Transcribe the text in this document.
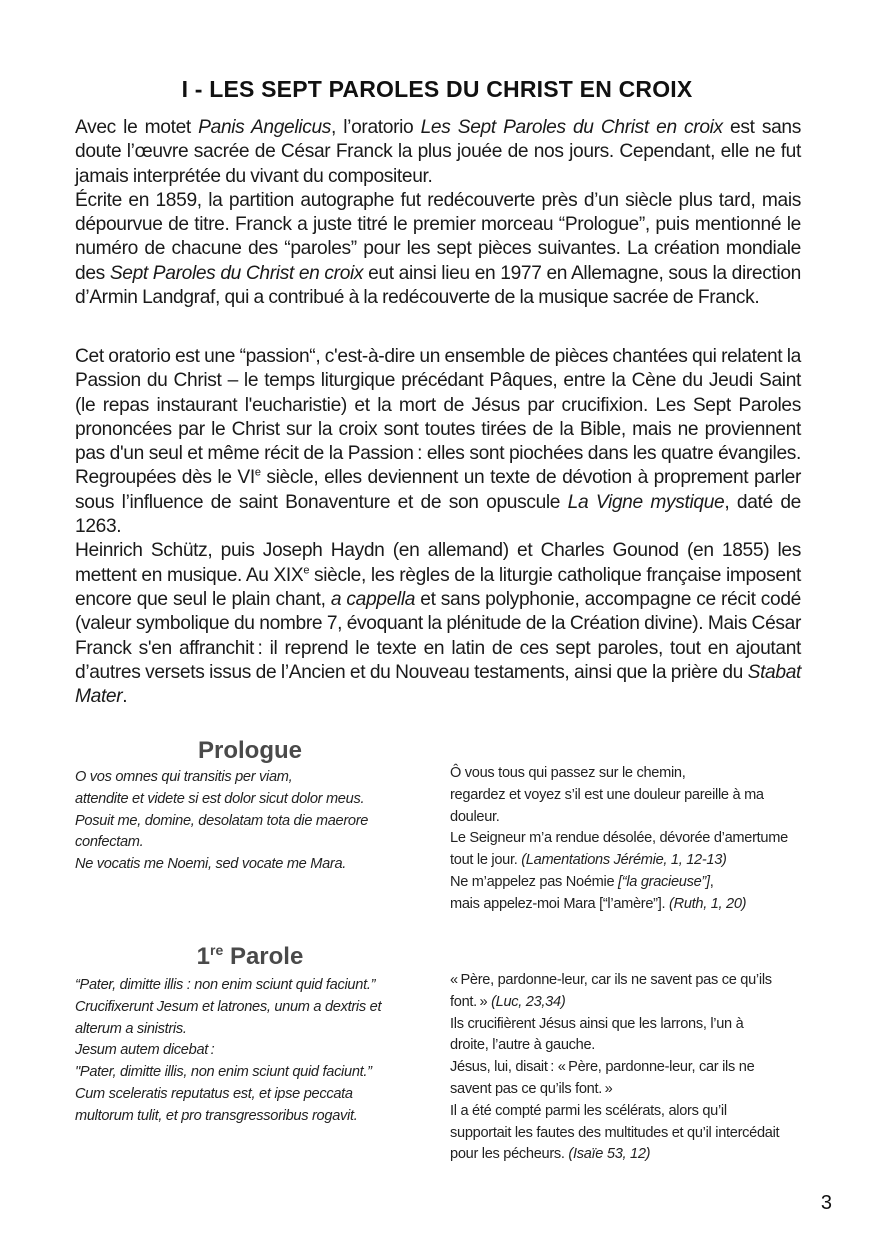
I - LES SEPT PAROLES DU CHRIST EN CROIX

Avec le motet Panis Angelicus, l’oratorio Les Sept Paroles du Christ en croix est sans doute l’œuvre sacrée de César Franck la plus jouée de nos jours. Cependant, elle ne fut jamais interprétée du vivant du compositeur.
Écrite en 1859, la partition autographe fut redécouverte près d’un siècle plus tard, mais dépourvue de titre. Franck a juste titré le premier morceau “Prologue”, puis mentionné le numéro de chacune des “paroles” pour les sept pièces suivantes. La création mondiale des Sept Paroles du Christ en croix eut ainsi lieu en 1977 en Allemagne, sous la direction d’Armin Landgraf, qui a contribué à la redécouverte de la musique sacrée de Franck.

Cet oratorio est une “passion“, c'est-à-dire un ensemble de pièces chantées qui relatent la Passion du Christ – le temps liturgique précédant Pâques, entre la Cène du Jeudi Saint (le repas instaurant l'eucharistie) et la mort de Jésus par crucifixion. Les Sept Paroles prononcées par le Christ sur la croix sont toutes tirées de la Bible, mais ne proviennent pas d'un seul et même récit de la Passion : elles sont piochées dans les quatre évangiles. Regroupées dès le VIe siècle, elles deviennent un texte de dévotion à proprement parler sous l’influence de saint Bonaventure et de son opuscule La Vigne mystique, daté de 1263.
Heinrich Schütz, puis Joseph Haydn (en allemand) et Charles Gounod (en 1855) les mettent en musique. Au XIXe siècle, les règles de la liturgie catholique française imposent encore que seul le plain chant, a cappella et sans polyphonie, accompagne ce récit codé (valeur symbolique du nombre 7, évoquant la plénitude de la Création divine). Mais César Franck s'en affranchit : il reprend le texte en latin de ces sept paroles, tout en ajoutant d’autres versets issus de l’Ancien et du Nouveau testaments, ainsi que la prière du Stabat Mater.

Prologue
O vos omnes qui transitis per viam,
attendite et videte si est dolor sicut dolor meus.
Posuit me, domine, desolatam tota die maerore
confectam.
Ne vocatis me Noemi, sed vocate me Mara.
Ô vous tous qui passez sur le chemin,
regardez et voyez s’il est une douleur pareille à ma
douleur.
Le Seigneur m’a rendue désolée, dévorée d’amertume
tout le jour. (Lamentations Jérémie, 1, 12-13)
Ne m’appelez pas Noémie [“la gracieuse”],
mais appelez-moi Mara [“l’amère”]. (Ruth, 1, 20)
1re Parole
“Pater, dimitte illis : non enim sciunt quid faciunt.”
Crucifixerunt Jesum et latrones, unum a dextris et
alterum a sinistris.
Jesum autem dicebat :
"Pater, dimitte illis, non enim sciunt quid faciunt.”
Cum sceleratis reputatus est, et ipse peccata
multorum tulit, et pro transgressoribus rogavit.
« Père, pardonne-leur, car ils ne savent pas ce qu’ils
font. » (Luc, 23,34)
Ils crucifièrent Jésus ainsi que les larrons, l’un à
droite, l’autre à gauche.
Jésus, lui, disait : « Père, pardonne-leur, car ils ne
savent pas ce qu’ils font. »
Il a été compté parmi les scélérats, alors qu’il
supportait les fautes des multitudes et qu’il intercédait
pour les pécheurs. (Isaïe 53, 12)
3
